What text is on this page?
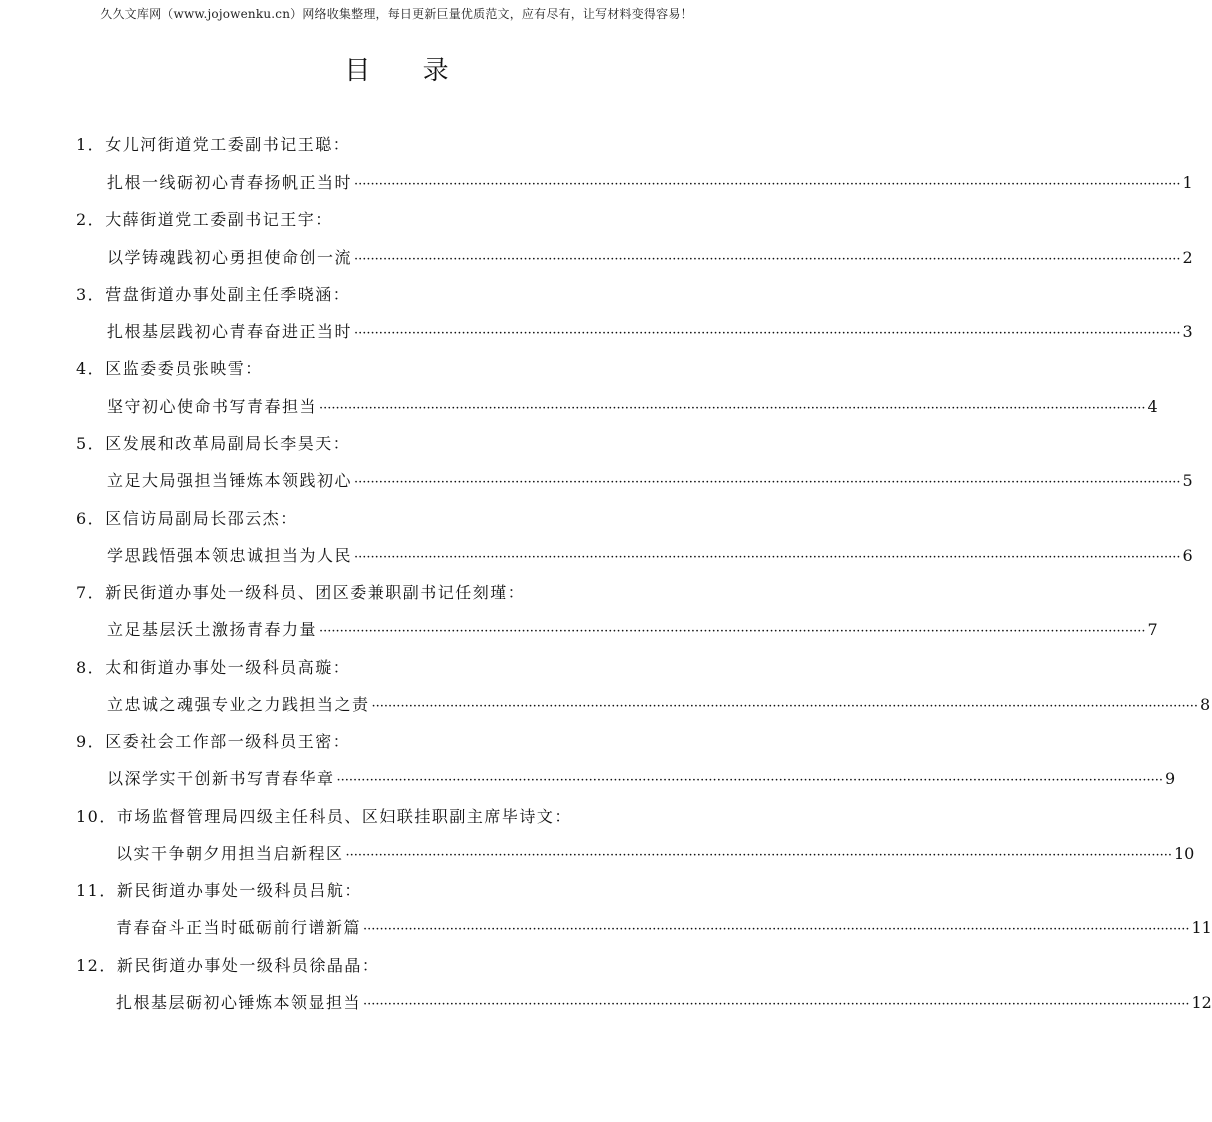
久久文库网（www.jojowenku.cn）网络收集整理，每日更新巨量优质范文，应有尽有，让写材料变得容易！
目 录
1．女儿河街道党工委副书记王聪：
扎根一线砺初心青春扬帆正当时 ········································································································································································································ 1
2．大薛街道党工委副书记王宇：
以学铸魂践初心勇担使命创一流 ········································································································································································································ 2
3．营盘街道办事处副主任季晓涵：
扎根基层践初心青春奋进正当时 ········································································································································································································ 3
4．区监委委员张映雪：
坚守初心使命书写青春担当 ········································································································································································································ 4
5．区发展和改革局副局长李昊天：
立足大局强担当锤炼本领践初心 ········································································································································································································ 5
6．区信访局副局长邵云杰：
学思践悟强本领忠诚担当为人民 ········································································································································································································ 6
7．新民街道办事处一级科员、团区委兼职副书记任刻瑾：
立足基层沃土激扬青春力量 ········································································································································································································ 7
8．太和街道办事处一级科员高璇：
立忠诚之魂强专业之力践担当之责 ········································································································································································································ 8
9．区委社会工作部一级科员王密：
以深学实干创新书写青春华章 ········································································································································································································ 9
10．市场监督管理局四级主任科员、区妇联挂职副主席毕诗文：
以实干争朝夕用担当启新程区 ········································································································································································································ 10
11．新民街道办事处一级科员吕航：
青春奋斗正当时砥砺前行谱新篇 ········································································································································································································ 11
12．新民街道办事处一级科员徐晶晶：
扎根基层砺初心锤炼本领显担当 ········································································································································································································ 12
